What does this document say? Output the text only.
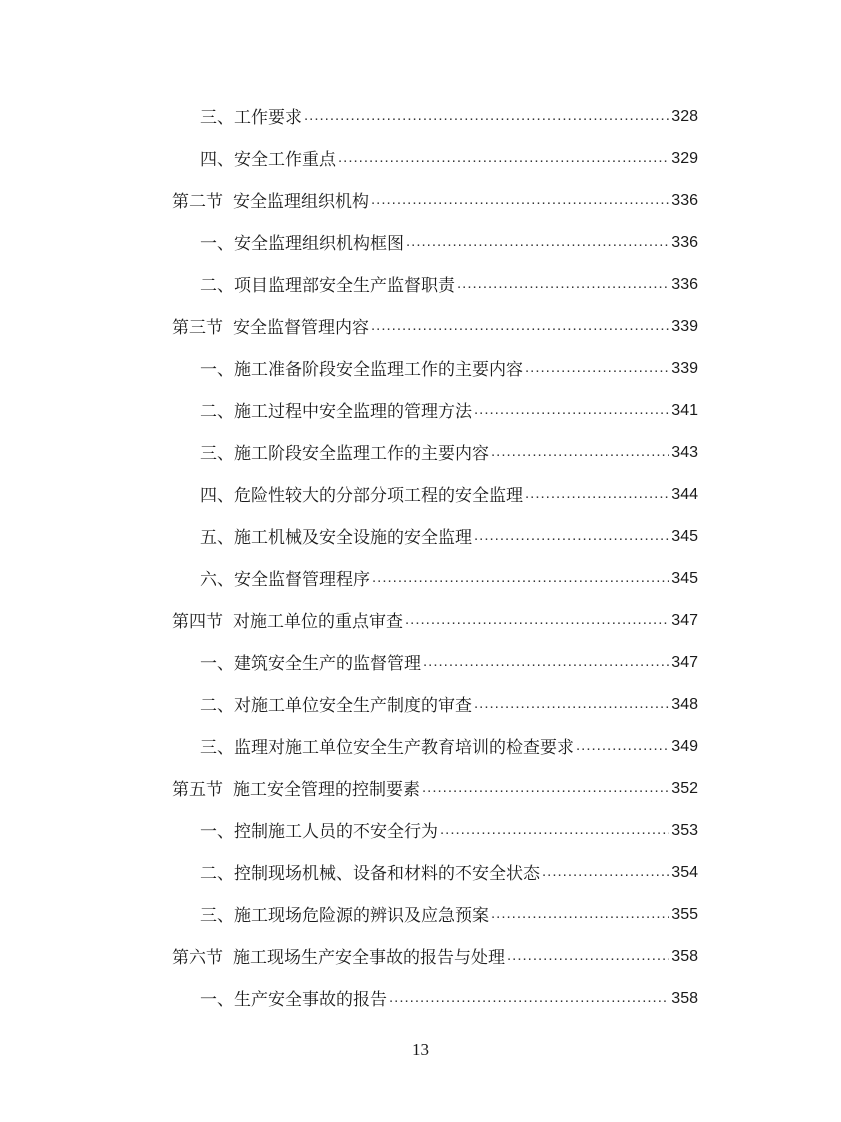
三、工作要求 .....	328
四、安全工作重点 .....	329
第二节 安全监理组织机构 .....	336
一、安全监理组织机构框图 .....	336
二、项目监理部安全生产监督职责 .....	336
第三节 安全监督管理内容 .....	339
一、施工准备阶段安全监理工作的主要内容 .....	339
二、施工过程中安全监理的管理方法 .....	341
三、施工阶段安全监理工作的主要内容 .....	343
四、危险性较大的分部分项工程的安全监理 .....	344
五、施工机械及安全设施的安全监理 .....	345
六、安全监督管理程序 .....	345
第四节 对施工单位的重点审查 .....	347
一、建筑安全生产的监督管理 .....	347
二、对施工单位安全生产制度的审查 .....	348
三、监理对施工单位安全生产教育培训的检查要求 .....	349
第五节 施工安全管理的控制要素 .....	352
一、控制施工人员的不安全行为 .....	353
二、控制现场机械、设备和材料的不安全状态 .....	354
三、施工现场危险源的辨识及应急预案 .....	355
第六节 施工现场生产安全事故的报告与处理 .....	358
一、生产安全事故的报告 .....	358
13
